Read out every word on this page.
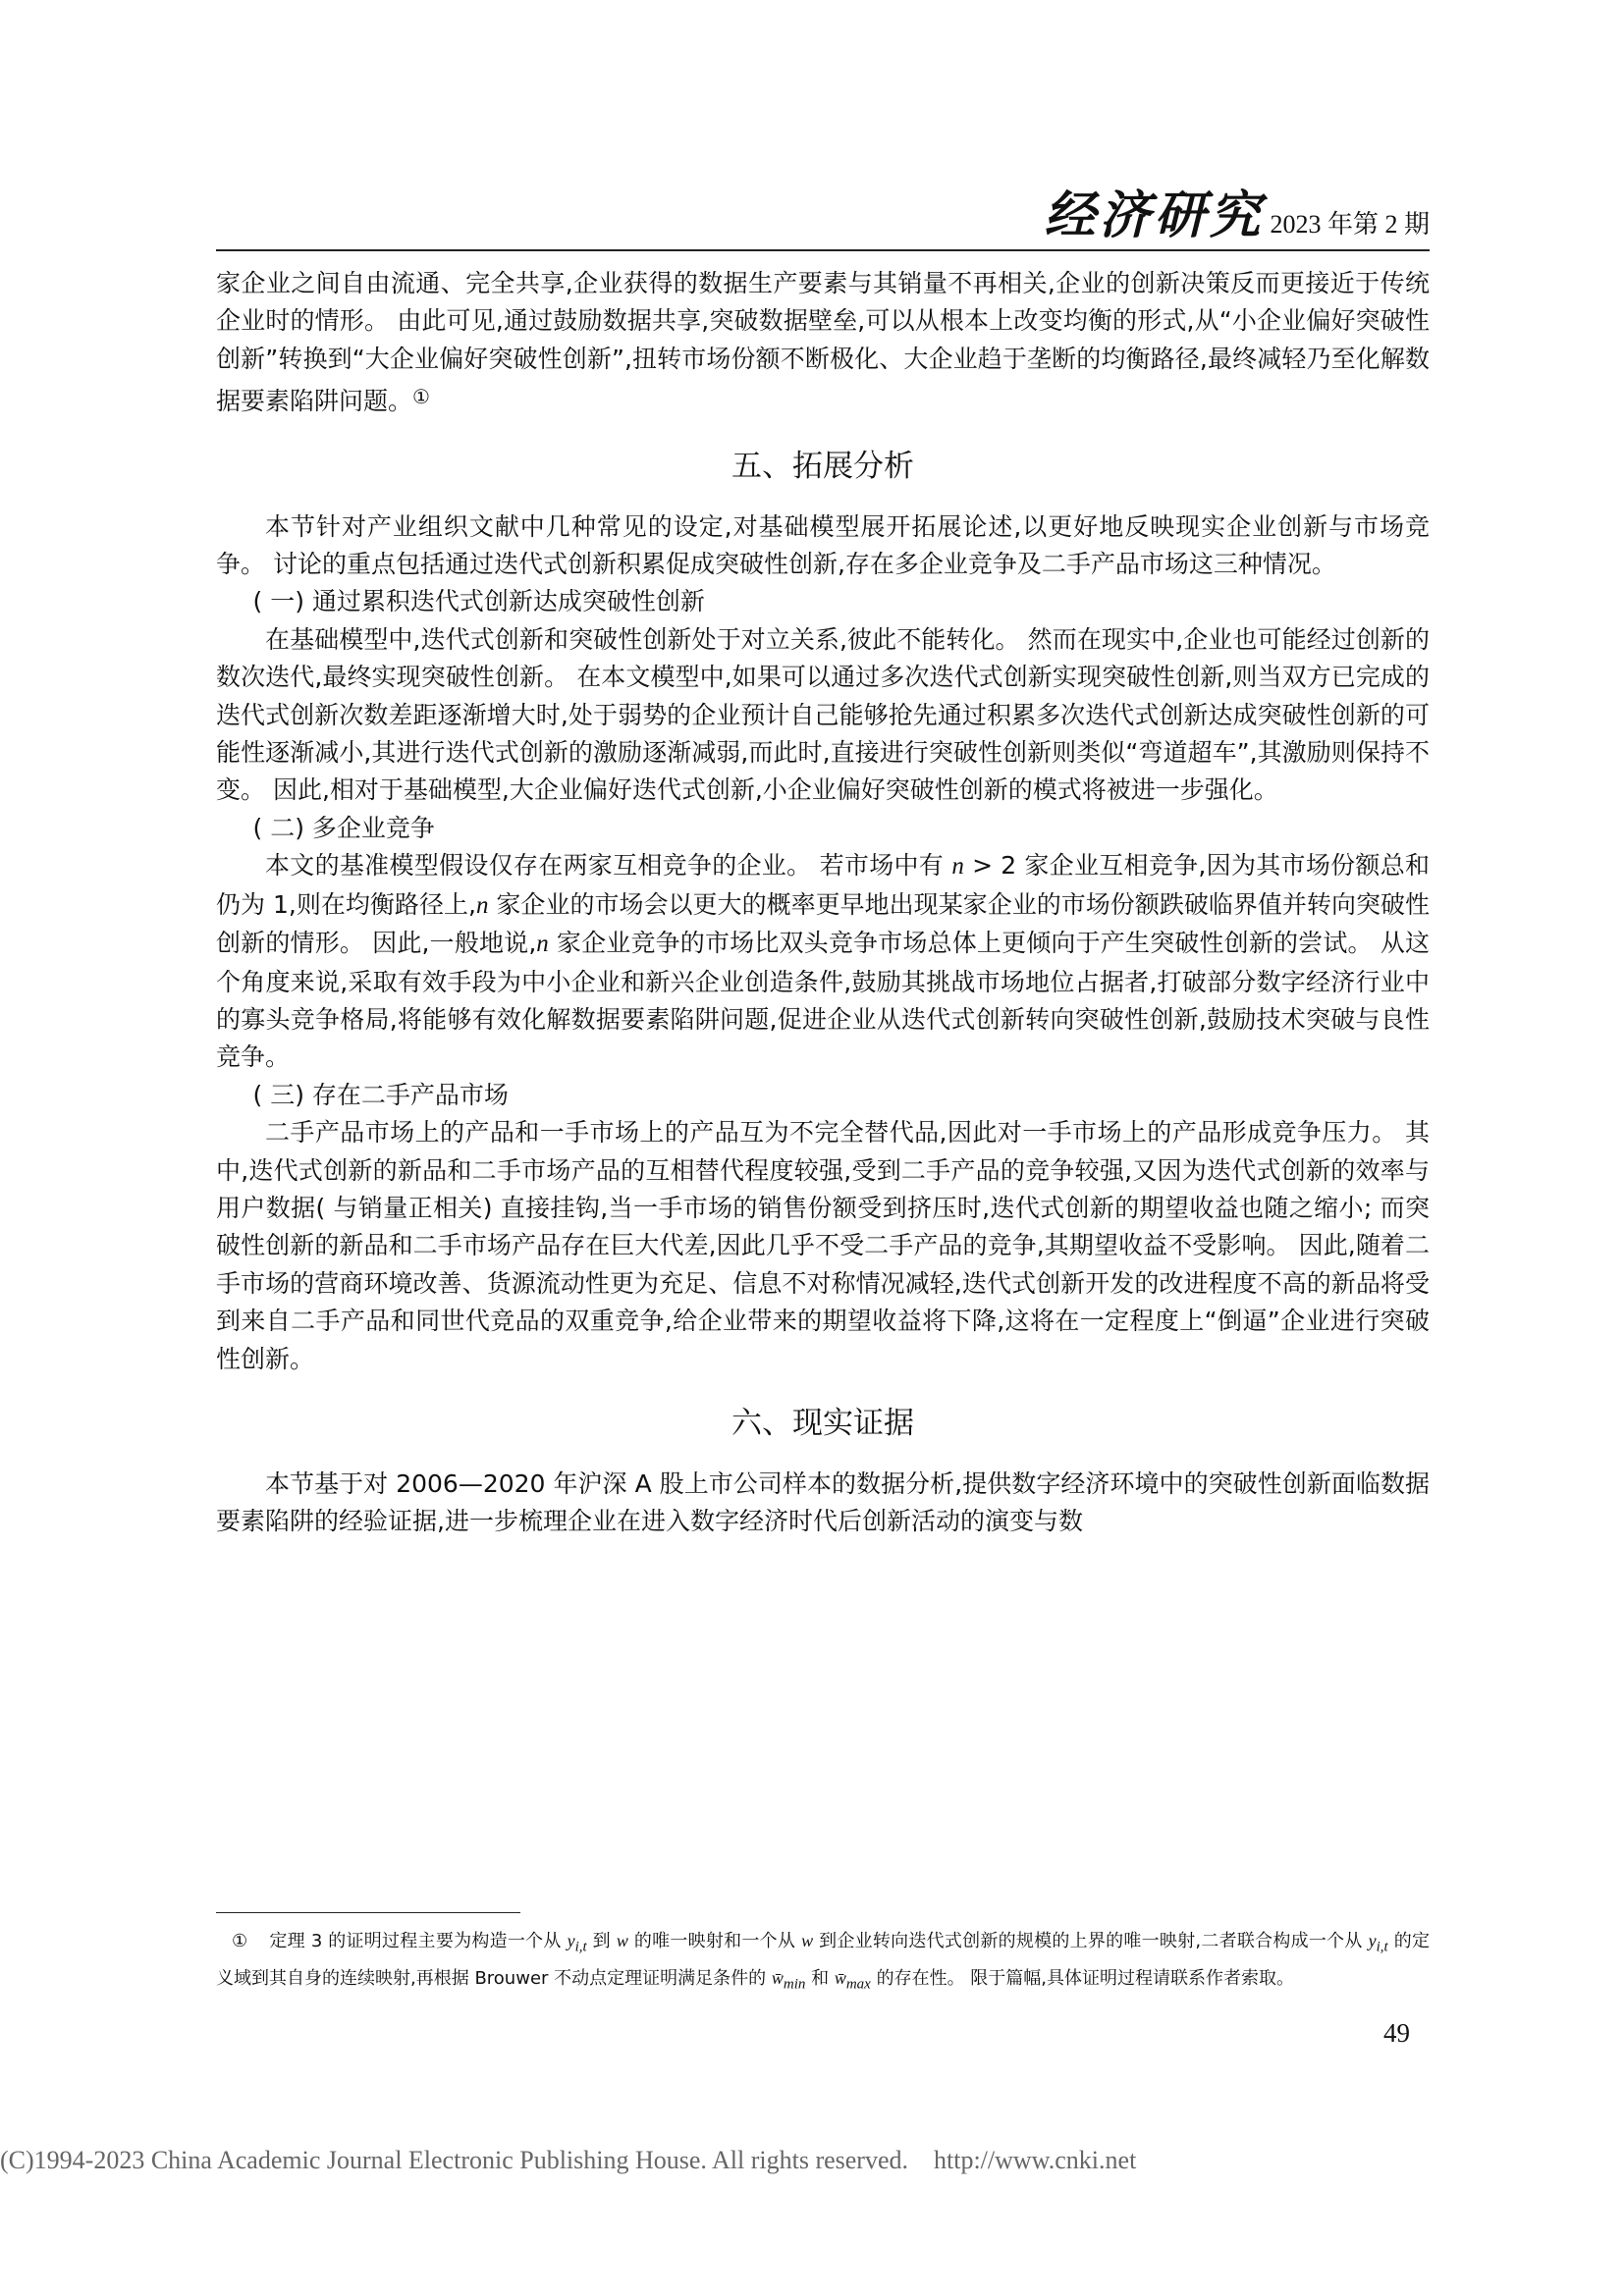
经济研究 2023 年第 2 期

家企业之间自由流通、完全共享,企业获得的数据生产要素与其销量不再相关,企业的创新决策反而更接近于传统企业时的情形。 由此可见,通过鼓励数据共享,突破数据壁垒,可以从根本上改变均衡的形式,从“小企业偏好突破性创新”转换到“大企业偏好突破性创新”,扭转市场份额不断极化、大企业趋于垄断的均衡路径,最终减轻乃至化解数据要素陷阱问题。①

五、拓展分析

本节针对产业组织文献中几种常见的设定,对基础模型展开拓展论述,以更好地反映现实企业创新与市场竞争。 讨论的重点包括通过迭代式创新积累促成突破性创新,存在多企业竞争及二手产品市场这三种情况。

( 一) 通过累积迭代式创新达成突破性创新

在基础模型中,迭代式创新和突破性创新处于对立关系,彼此不能转化。 然而在现实中,企业也可能经过创新的数次迭代,最终实现突破性创新。 在本文模型中,如果可以通过多次迭代式创新实现突破性创新,则当双方已完成的迭代式创新次数差距逐渐增大时,处于弱势的企业预计自己能够抢先通过积累多次迭代式创新达成突破性创新的可能性逐渐减小,其进行迭代式创新的激励逐渐减弱,而此时,直接进行突破性创新则类似“弯道超车”,其激励则保持不变。 因此,相对于基础模型,大企业偏好迭代式创新,小企业偏好突破性创新的模式将被进一步强化。

( 二) 多企业竞争

本文的基准模型假设仅存在两家互相竞争的企业。 若市场中有 n > 2 家企业互相竞争,因为其市场份额总和仍为 1,则在均衡路径上,n 家企业的市场会以更大的概率更早地出现某家企业的市场份额跌破临界值并转向突破性创新的情形。 因此,一般地说,n 家企业竞争的市场比双头竞争市场总体上更倾向于产生突破性创新的尝试。 从这个角度来说,采取有效手段为中小企业和新兴企业创造条件,鼓励其挑战市场地位占据者,打破部分数字经济行业中的寡头竞争格局,将能够有效化解数据要素陷阱问题,促进企业从迭代式创新转向突破性创新,鼓励技术突破与良性竞争。

( 三) 存在二手产品市场

二手产品市场上的产品和一手市场上的产品互为不完全替代品,因此对一手市场上的产品形成竞争压力。 其中,迭代式创新的新品和二手市场产品的互相替代程度较强,受到二手产品的竞争较强,又因为迭代式创新的效率与用户数据( 与销量正相关) 直接挂钩,当一手市场的销售份额受到挤压时,迭代式创新的期望收益也随之缩小; 而突破性创新的新品和二手市场产品存在巨大代差,因此几乎不受二手产品的竞争,其期望收益不受影响。 因此,随着二手市场的营商环境改善、货源流动性更为充足、信息不对称情况减轻,迭代式创新开发的改进程度不高的新品将受到来自二手产品和同世代竞品的双重竞争,给企业带来的期望收益将下降,这将在一定程度上“倒逼”企业进行突破性创新。

六、现实证据

本节基于对 2006—2020 年沪深 A 股上市公司样本的数据分析,提供数字经济环境中的突破性创新面临数据要素陷阱的经验证据,进一步梳理企业在进入数字经济时代后创新活动的演变与数

① 定理 3 的证明过程主要为构造一个从 $y_{i,t}$ 到 w 的唯一映射和一个从 w 到企业转向迭代式创新的规模的上界的唯一映射,二者联合构成一个从 $y_{i,t}$ 的定义域到其自身的连续映射,再根据 Brouwer 不动点定理证明满足条件的 $w̄_{min}$ 和 $w̄_{max}$ 的存在性。 限于篇幅,具体证明过程请联系作者索取。

49
(C)1994-2023 China Academic Journal Electronic Publishing House. All rights reserved. http://www.cnki.net
